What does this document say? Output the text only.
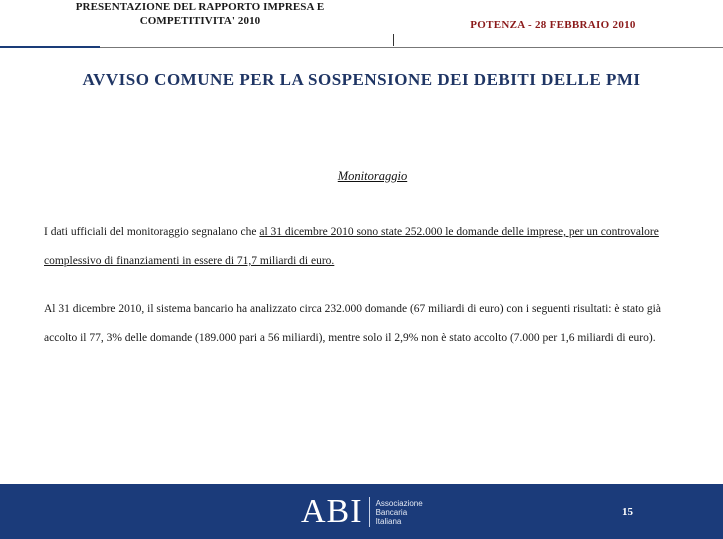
PRESENTAZIONE DEL RAPPORTO IMPRESA E
COMPETITIVITA' 2010	POTENZA - 28 FEBBRAIO 2010
AVVISO COMUNE PER LA SOSPENSIONE DEI DEBITI DELLE PMI
Monitoraggio
I dati ufficiali del monitoraggio segnalano che al 31 dicembre 2010 sono state 252.000 le domande delle imprese, per un controvalore complessivo di finanziamenti in essere di 71,7 miliardi di euro.
Al 31 dicembre 2010, il sistema bancario ha analizzato circa 232.000 domande (67 miliardi di euro) con i seguenti risultati: è stato già accolto il 77, 3% delle domande (189.000 pari a 56 miliardi), mentre solo il 2,9% non è stato accolto (7.000 per 1,6 miliardi di euro).
ABI Associazione
Bancaria
Italiana
15
